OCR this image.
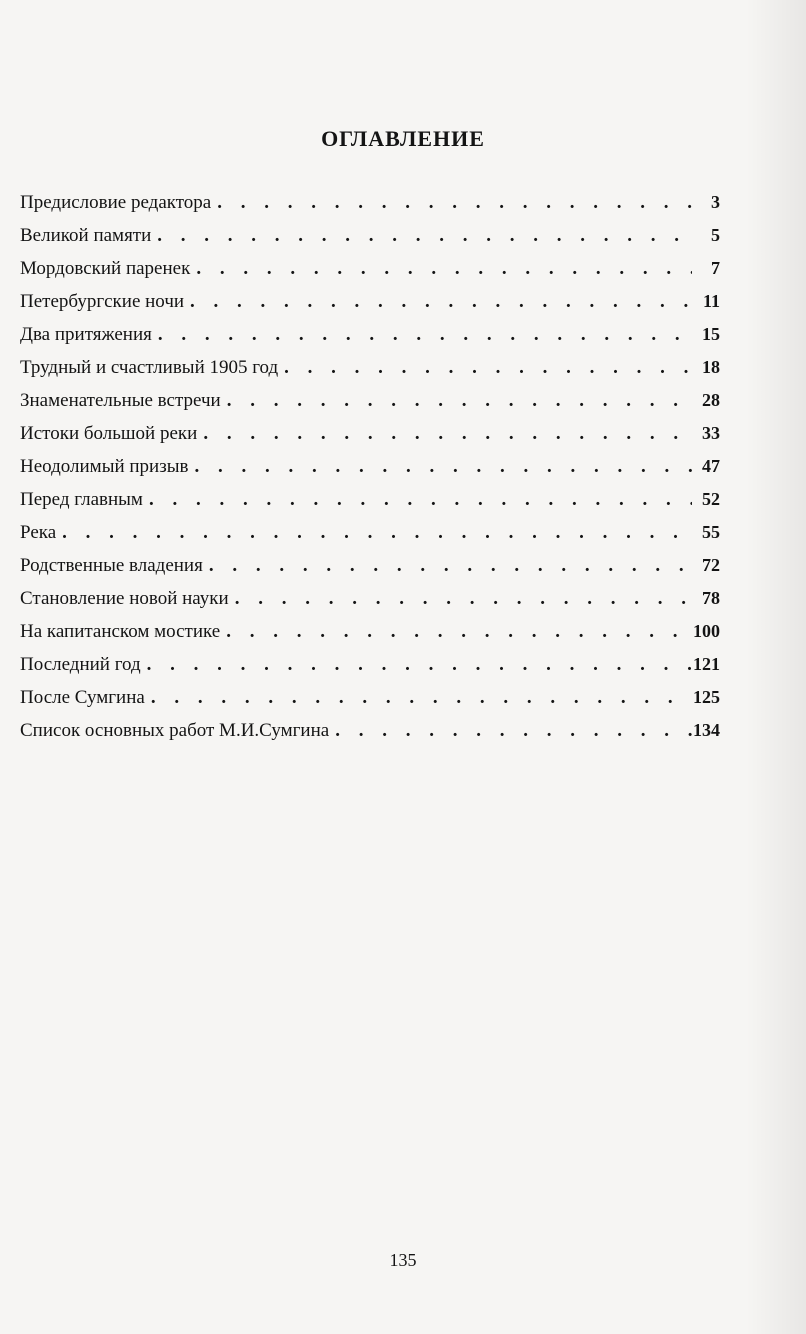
ОГЛАВЛЕНИЕ
Предисловие редактора . . .	3
Великой памяти . . .	5
Мордовский паренек . . .	7
Петербургские ночи . . .	11
Два притяжения . . .	15
Трудный и счастливый 1905 год . . .	18
Знаменательные встречи . . .	28
Истоки большой реки . . .	33
Неодолимый призыв . . .	47
Перед главным . . .	52
Река . . .	55
Родственные владения . . .	72
Становление новой науки . . .	78
На капитанском мостике . . .	100
Последний год . . .	121
После Сумгина . . .	125
Список основных работ М.И.Сумгина . . .	134

135
